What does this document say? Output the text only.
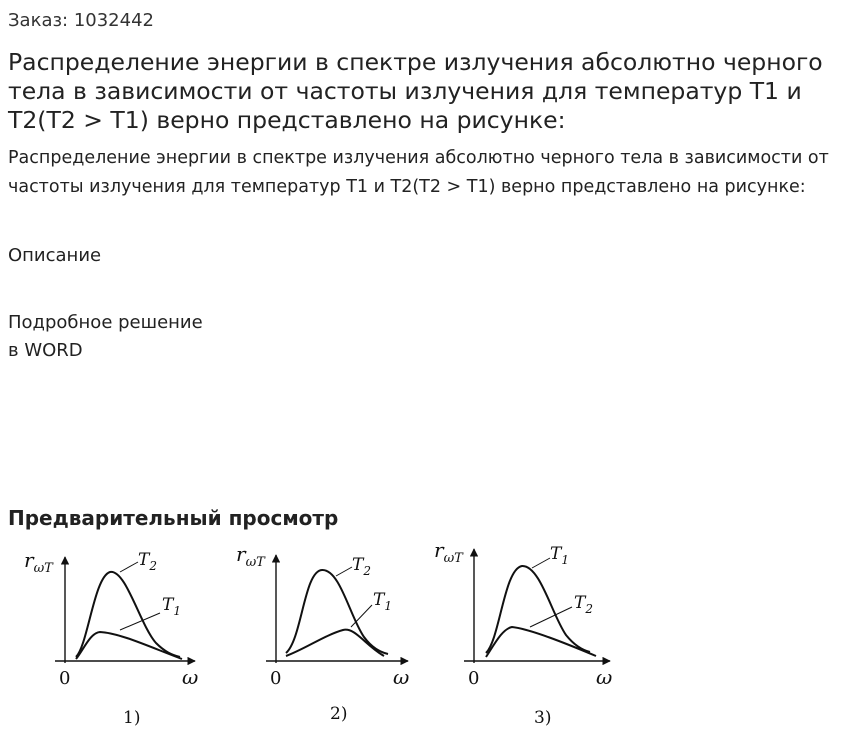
Заказ: 1032442
Распределение энергии в спектре излучения абсолютно черного тела в зависимости от частоты излучения для температур T1 и T2(T2 > T1) верно представлено на рисунке:

Распределение энергии в спектре излучения абсолютно черного тела в зависимости от частоты излучения для температур T1 и T2(T2 > T1) верно представлено на рисунке:

Описание
Подробное решение
в WORD
Предварительный просмотр
$r_{\omega T}$
0	ω
$T_2$
$T_1$
1)
$r_{\omega T}$
0	ω
$T_2$
$T_1$
2)
$r_{\omega T}$
0	ω
$T_1$
$T_2$
3)
